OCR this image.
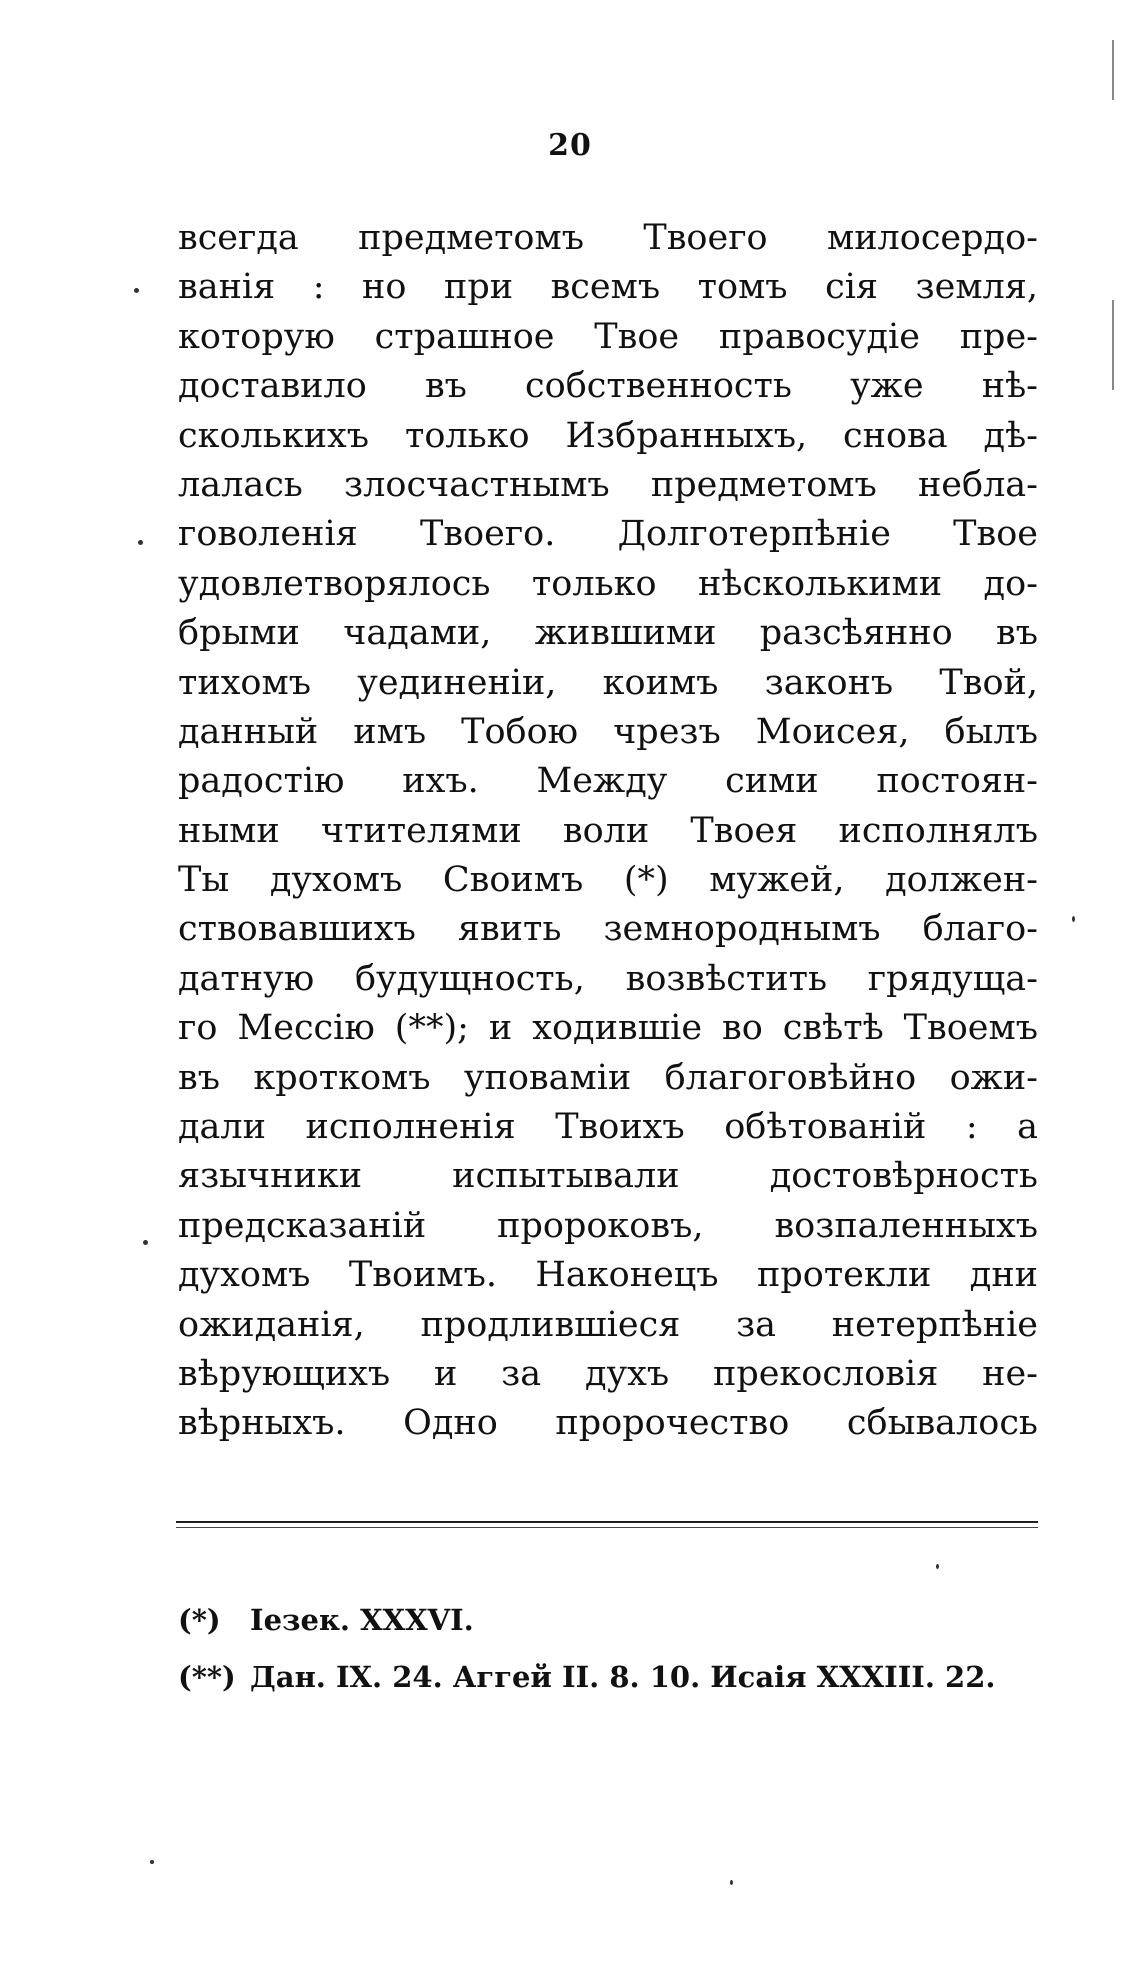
20
всегда предметомъ Твоего милосердо-
ванія : но при всемъ томъ сія земля,
которую страшное Твое правосудіе пре-
доставило въ собственность уже нѣ-
сколькихъ только Избранныхъ, снова дѣ-
лалась злосчастнымъ предметомъ небла-
говоленія Твоего. Долготерпѣніе Твое
удовлетворялось только нѣсколькими до-
брыми чадами, жившими разсѣянно въ
тихомъ уединеніи, коимъ законъ Твой,
данный имъ Тобою чрезъ Моисея, былъ
радостію ихъ. Между сими постоян-
ными чтителями воли Твоея исполнялъ
Ты духомъ Своимъ (*) мужей, должен-
ствовавшихъ явить земнороднымъ благо-
датную будущность, возвѣстить грядуща-
го Мессію (**); и ходившіе во свѣтѣ Твоемъ
въ кроткомъ уповаміи благоговѣйно ожи-
дали исполненія Твоихъ обѣтованій : а
язычники испытывали достовѣрность
предсказаній пророковъ, возпаленныхъ
духомъ Твоимъ. Наконецъ протекли дни
ожиданія, продлившіеся за нетерпѣніе
вѣрующихъ и за духъ прекословія не-
вѣрныхъ. Одно пророчество сбывалось
(*) Іезек. XXXVI.
(**) Дан. IX. 24. Аггей II. 8. 10. Исаія XXXIII. 22.
